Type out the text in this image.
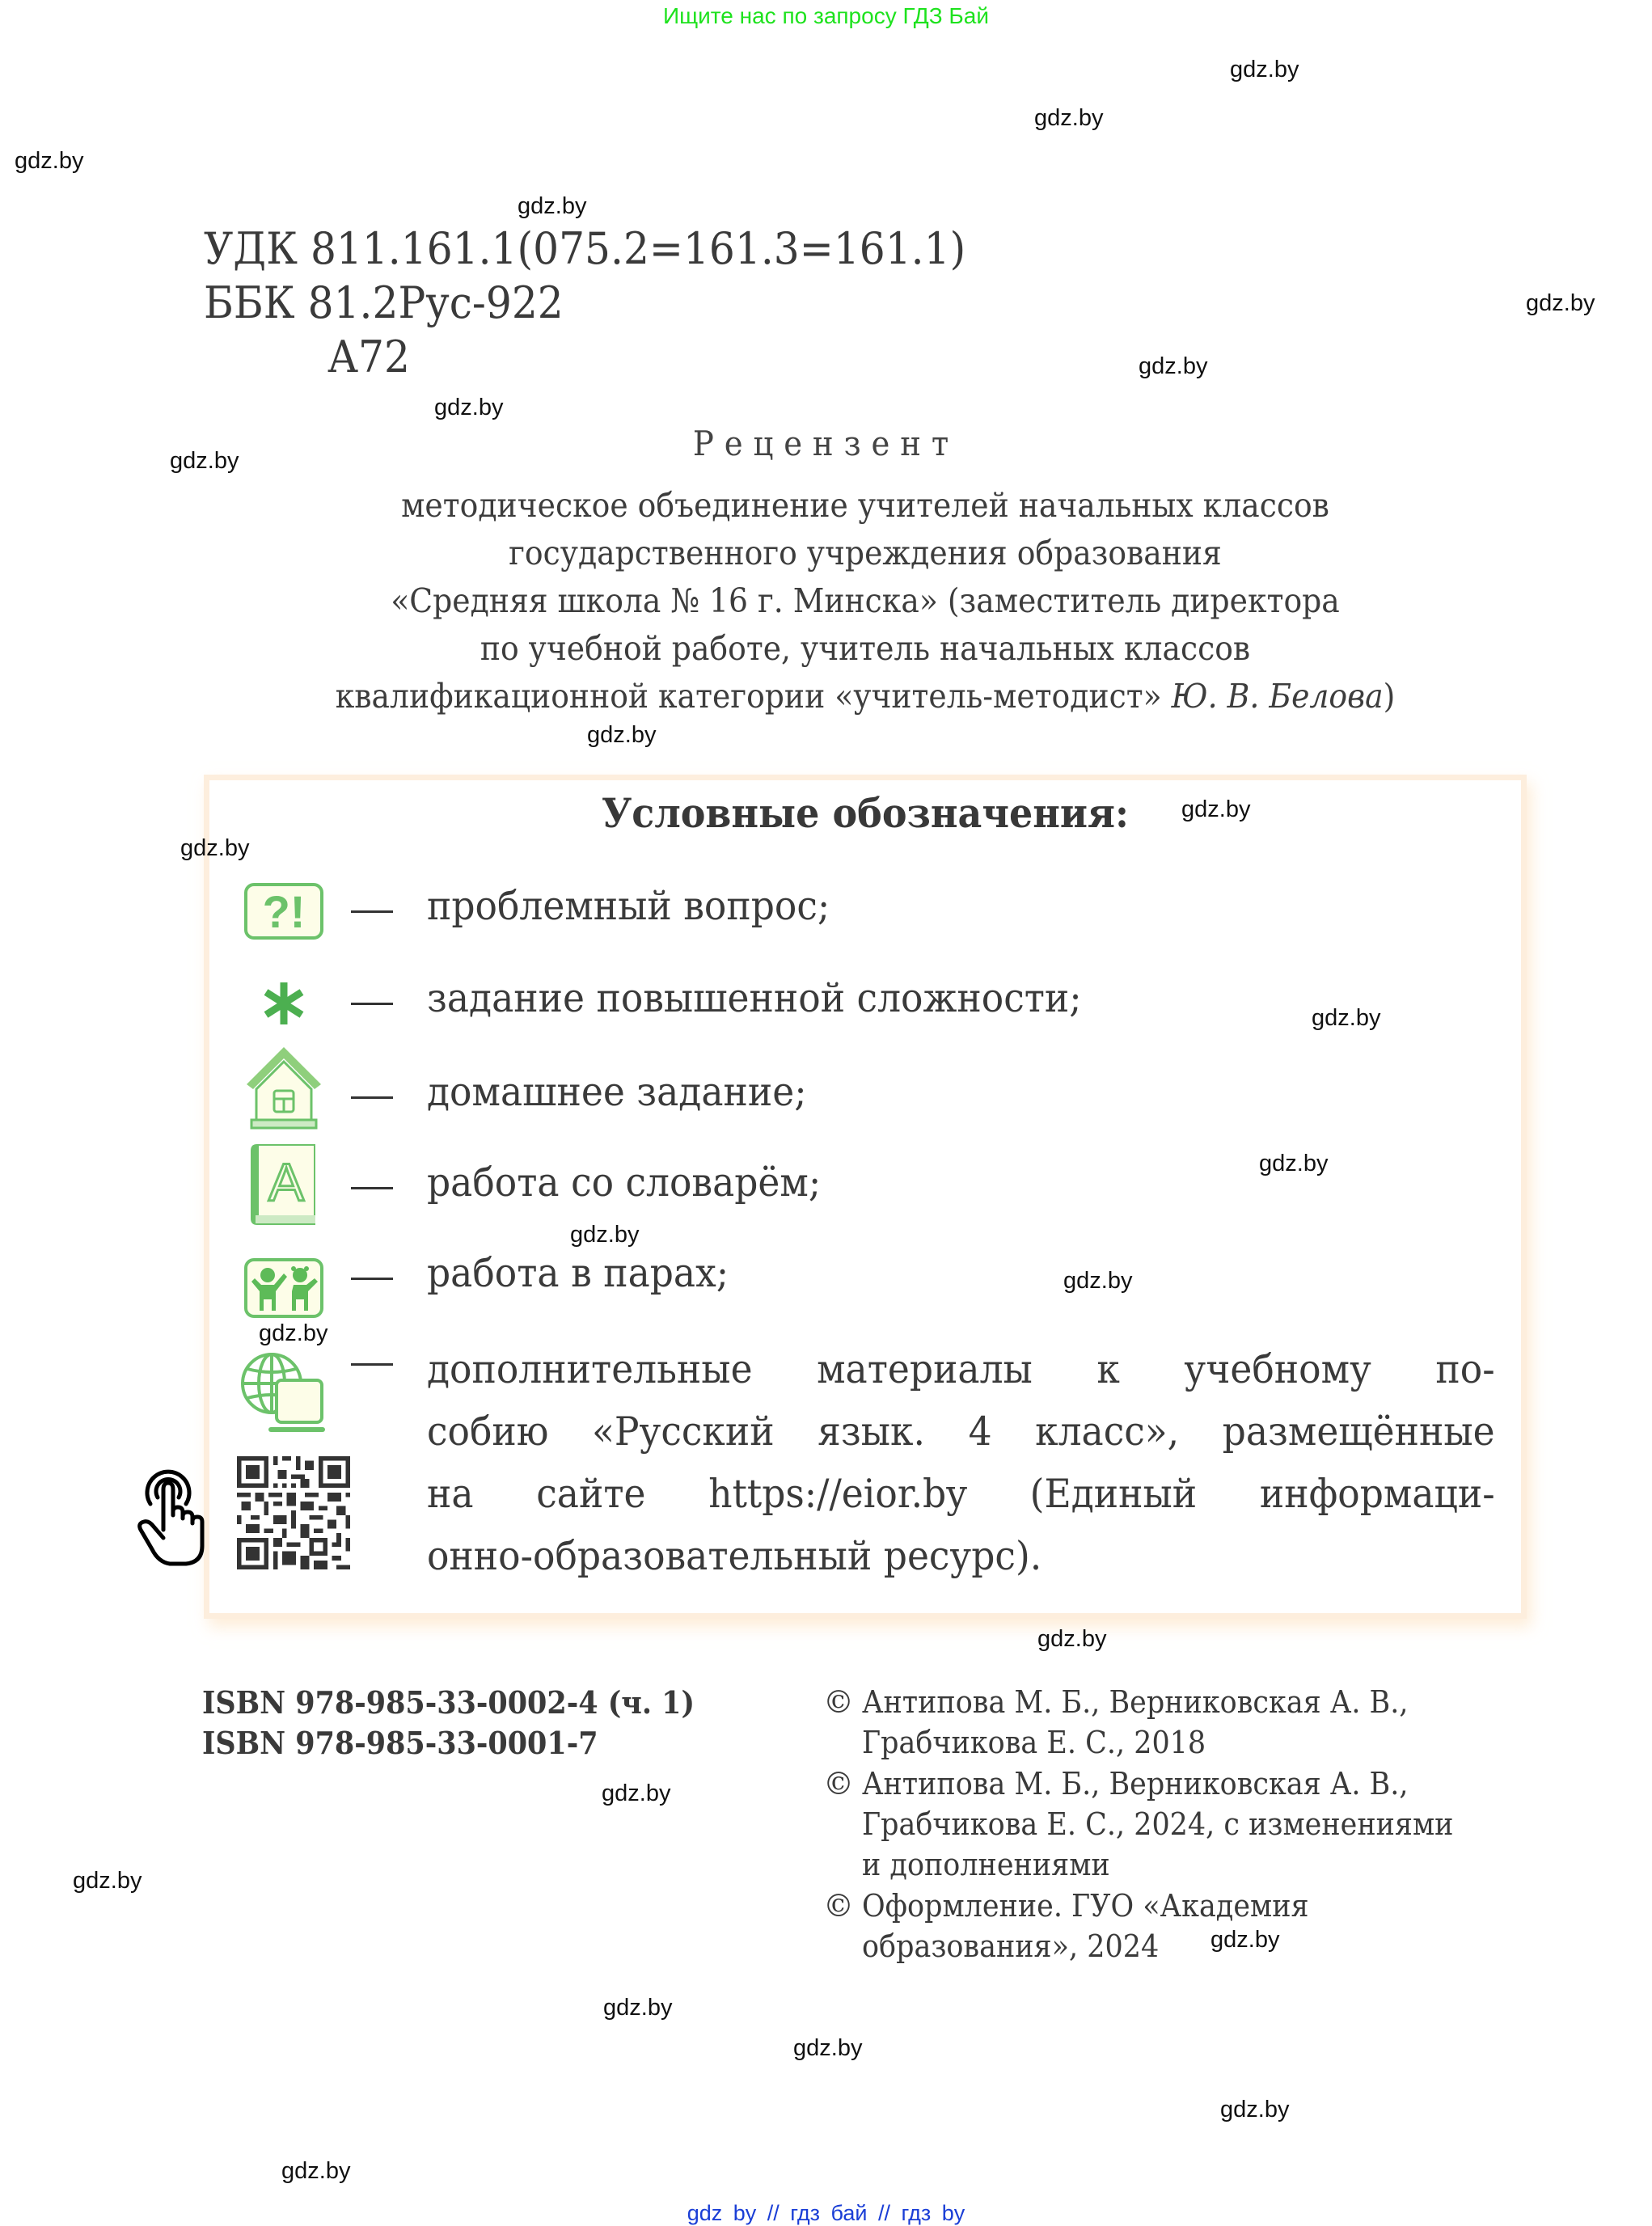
Ищите нас по запросу ГДЗ Бай
gdz.by
gdz.by
gdz.by
gdz.by
gdz.by
gdz.by
gdz.by
gdz.by
gdz.by
gdz.by
gdz.by
gdz.by
gdz.by
gdz.by
gdz.by
gdz.by
gdz.by
gdz.by
gdz.by
gdz.by
gdz.by
gdz.by
gdz.by
gdz.by
УДК 811.161.1(075.2=161.3=161.1)
ББК 81.2Рус-922
А72
Рецензент
методическое объединение учителей начальных классов
государственного учреждения образования
«Средняя школа № 16 г. Минска» (заместитель директора
по учебной работе, учитель начальных классов
квалификационной категории «учитель-методист» Ю. В. Белова)
Условные обозначения:
?!	проблемный вопрос;
задание повышенной сложности;
домашнее задание;
A	работа со словарём;
работа в парах;
дополнительные материалы к учебному по-
собию «Русский язык. 4 класс», размещённые
на сайте https://eior.by (Единый информаци-
онно-образовательный ресурс).
ISBN 978-985-33-0002-4 (ч. 1)
ISBN 978-985-33-0001-7
© Антипова М. Б., Верниковская А. В.,
Грабчикова Е. С., 2018
© Антипова М. Б., Верниковская А. В.,
Грабчикова Е. С., 2024, с изменениями
и дополнениями
© Оформление. ГУО «Академия
образования», 2024
gdz by // гдз бай // гдз by
